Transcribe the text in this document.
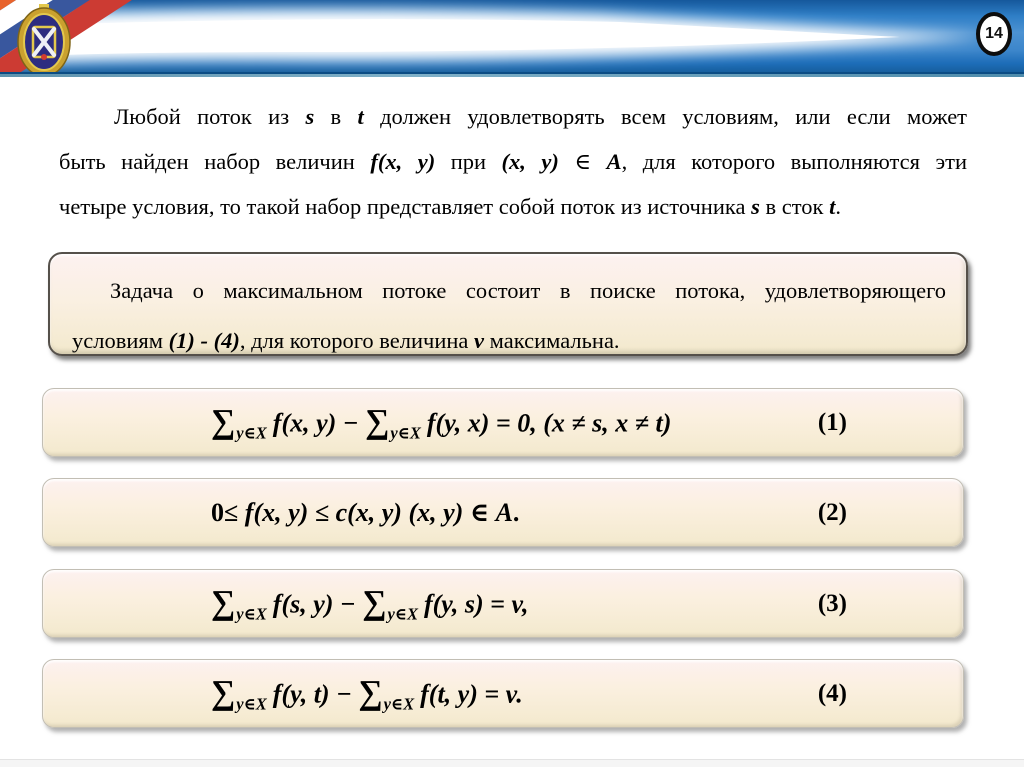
14
Любой поток из s в t должен удовлетворять всем условиям, или если может
быть найден набор величин f(x, y) при (x, y) ∈ A, для которого выполняются эти
четыре условия, то такой набор представляет собой поток из источника s в сток t.
Задача о максимальном потоке состоит в поиске потока, удовлетворяющего
условиям (1) - (4), для которого величина v максимальна.
$\sum_{y\in X}$ f(x, $y) - \sum_{y\in X}$ f(y, x) = 0, (x ≠ s, x ≠ t)	(1)
0≤ f(x, y) ≤ c(x, y) (x, y) ∈ A.	(2)
$\sum_{y\in X}$ f(s, $y) - \sum_{y\in X}$ f(y, s) = v,	(3)
$\sum_{y\in X}$ f(y, $t) - \sum_{y\in X}$ f(t, y) = v.	(4)
